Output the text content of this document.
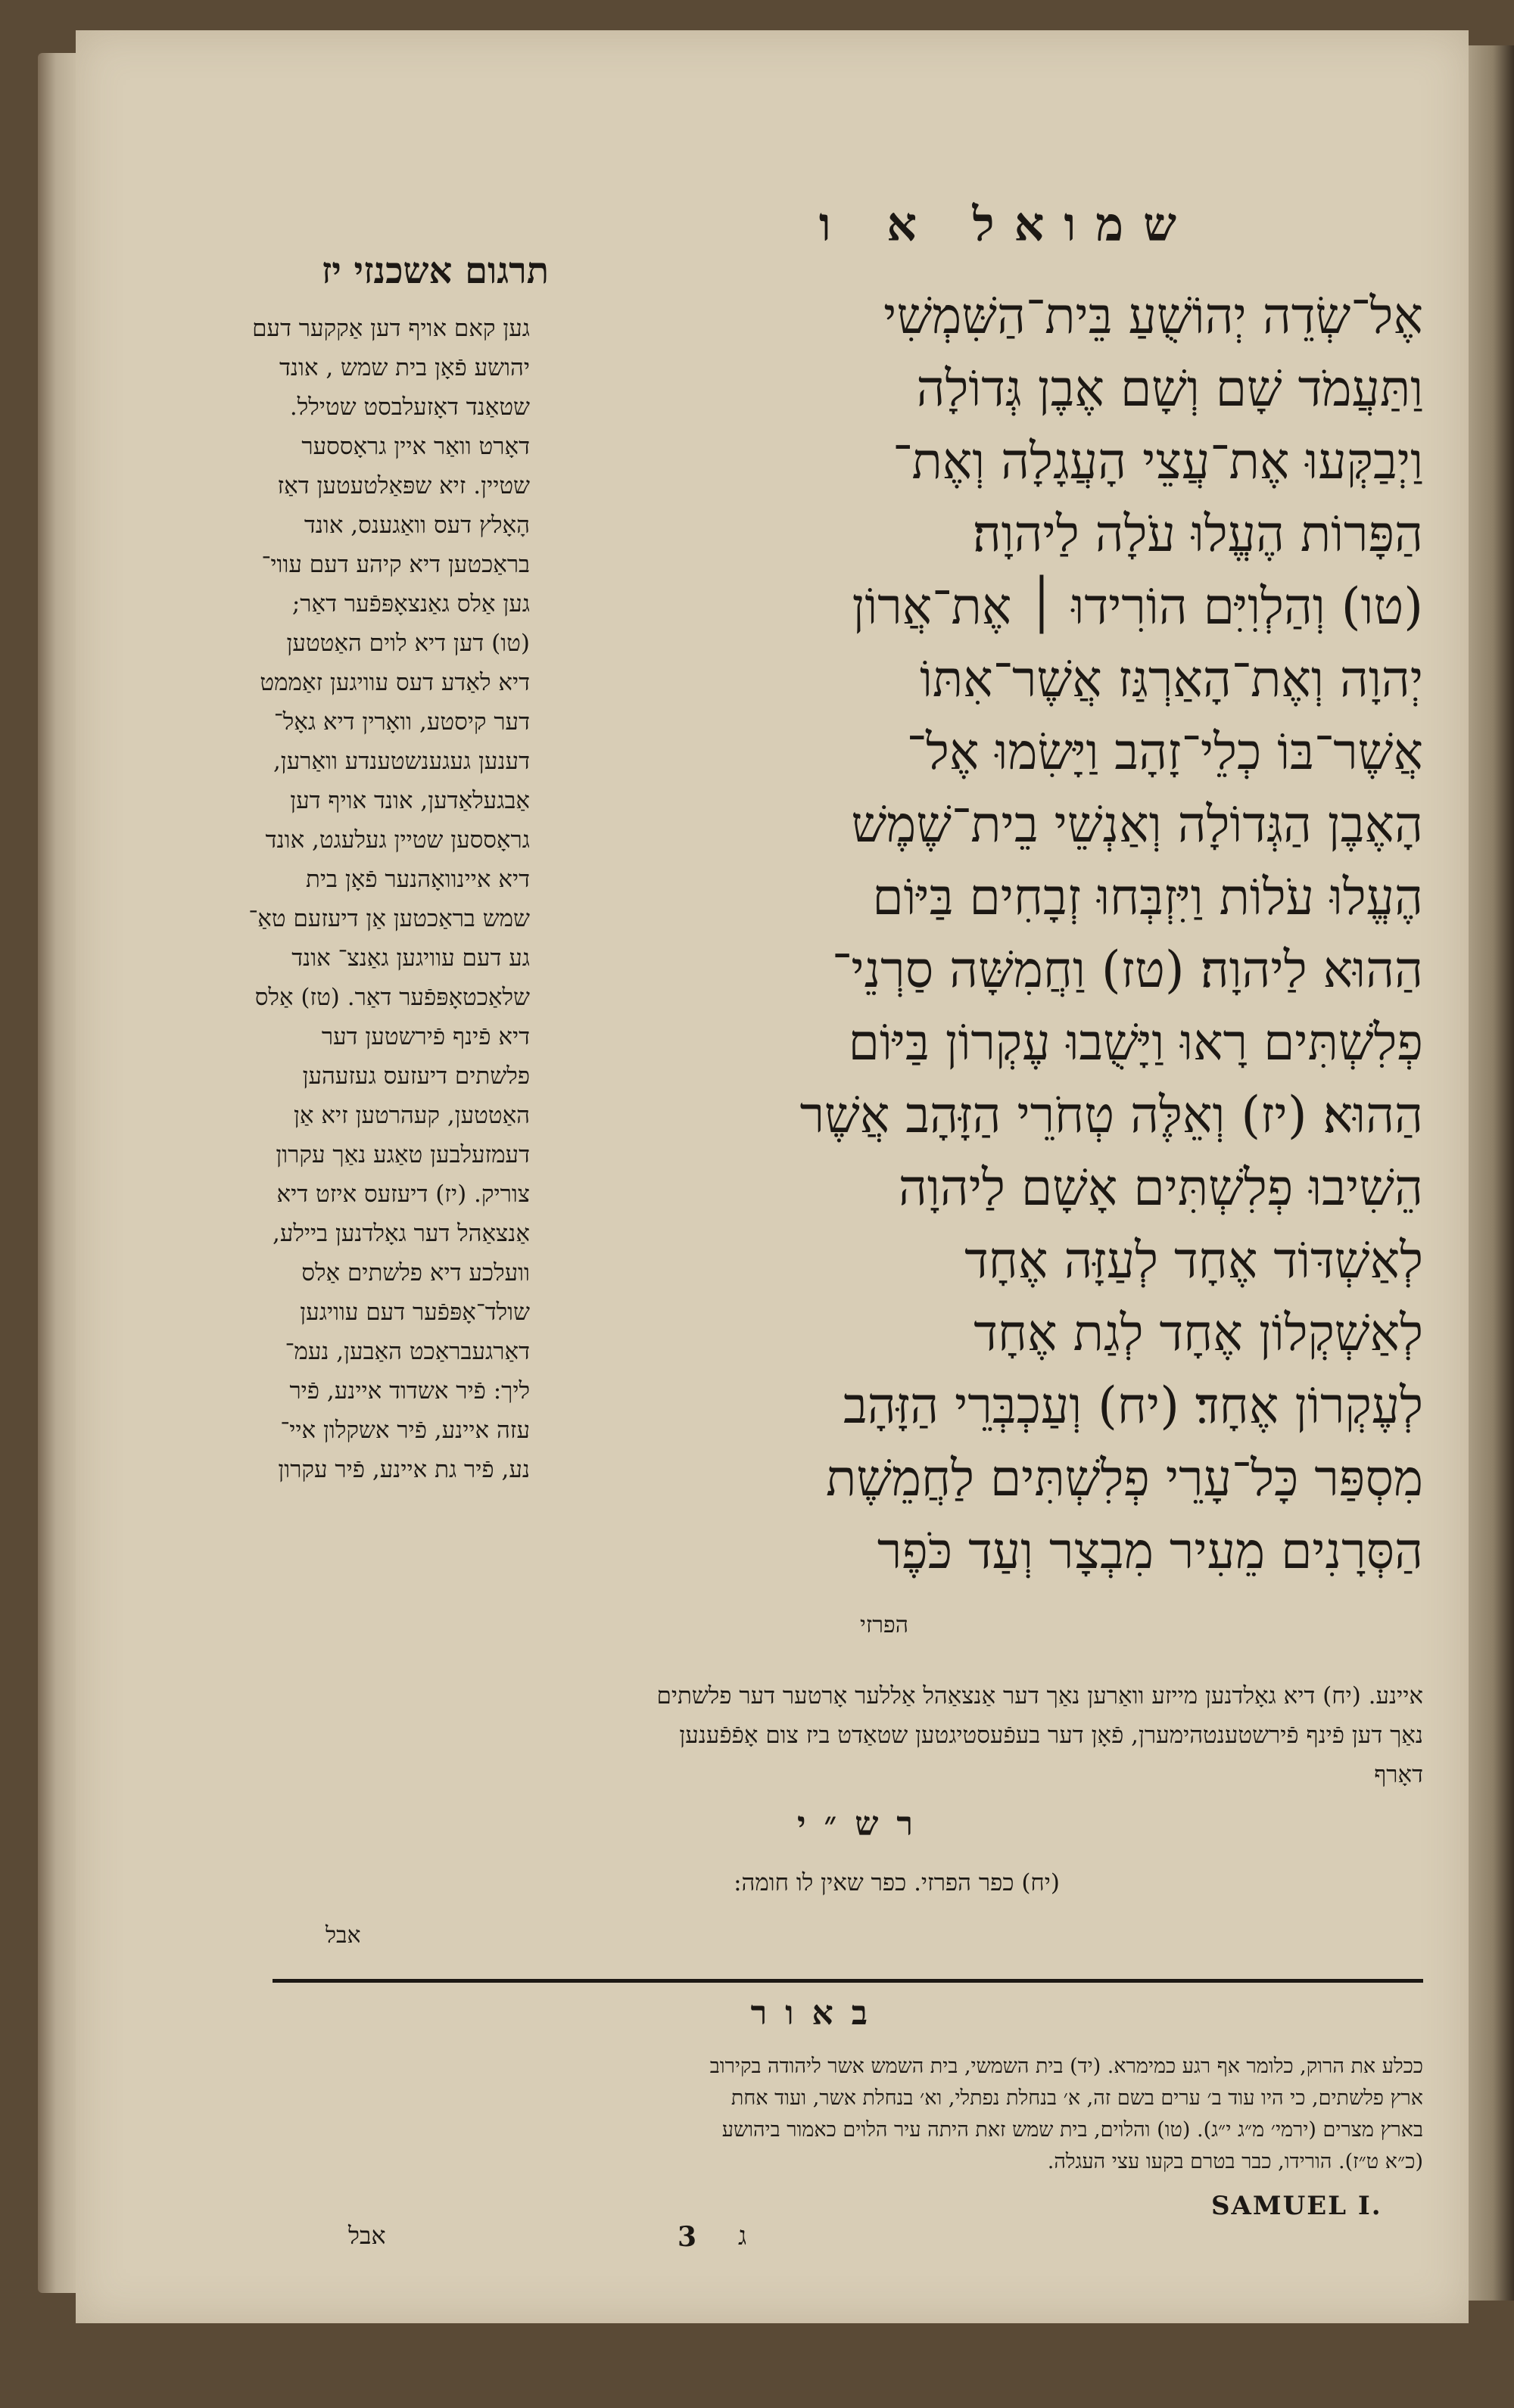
שמואל א ו
תרגום אשכנזי יז
אֶל־שְׂדֵה יְהוֹשֻׁעַ בֵּית־הַשִּׁמְשִׁי
וַתַּעֲמֹד שָׁם וְשָׁם אֶבֶן גְּדוֹלָה
וַיְבַקְּעוּ אֶת־עֲצֵי הָעֲגָלָה וְאֶת־
הַפָּרוֹת הֶעֱלוּ עֹלָה לַיהוָה׃
(טו) וְהַלְוִיִּם הוֹרִידוּ ׀ אֶת־אֲרוֹן
יְהוָה וְאֶת־הָאַרְגַּז אֲשֶׁר־אִתּוֹ
אֲשֶׁר־בּוֹ כְלֵי־זָהָב וַיָּשִׂמוּ אֶל־
הָאֶבֶן הַגְּדוֹלָה וְאַנְשֵׁי בֵית־שֶׁמֶשׁ
הֶעֱלוּ עֹלוֹת וַיִּזְבְּחוּ זְבָחִים בַּיּוֹם
הַהוּא לַיהוָה׃ (טז) וַחֲמִשָּׁה סַרְנֵי־
פְלִשְׁתִּים רָאוּ וַיָּשֻׁבוּ עֶקְרוֹן בַּיּוֹם
הַהוּא׃ (יז) וְאֵלֶּה טְחֹרֵי הַזָּהָב אֲשֶׁר
הֵשִׁיבוּ פְלִשְׁתִּים אָשָׁם לַיהוָה
לְאַשְׁדּוֹד אֶחָד לְעַזָּה אֶחָד
לְאַשְׁקְלוֹן אֶחָד לְגַת אֶחָד
לְעֶקְרוֹן אֶחָד׃ (יח) וְעַכְבְּרֵי הַזָּהָב
מִסְפַּר כָּל־עָרֵי פְלִשְׁתִּים לַחֲמֵשֶׁת
הַסְּרָנִים מֵעִיר מִבְצָר וְעַד כֹּפֶר
הפרזי
גען קאם אויף דען אַקקער דעם
יהושע פֿאָן בית שמש , אונד
שטאַנד דאָזעלבסט שטילל.
דאָרט וואַר איין גראָססער
שטיין. זיא שפּאַלטעטען דאַז
הָאָלץ דעס וואַגענס, אונד
בראַכטען דיא קיהע דעם עווי־
גען אַלס גאַנצאָפּפֿער דאַר;
(טו) דען דיא לוים האַטטען
דיא לאַדע דעס עוויגען זאַממט
דער קיסטע, וואָרין דיא גאָל־
דענען געגענשטענדע וואַרען,
אַבגעלאַדען, אונד אויף דען
גראָססען שטיין געלעגט, אונד
דיא איינוואָהנער פֿאָן בית
שמש בראַכטען אַן דיעזעם טאַ־
גע דעם עוויגען גאַנצ־ אונד
שלאַכטאָפּפֿער דאַר. (טז) אַלס
דיא פֿינף פֿירשטען דער
פלשתים דיעזעס געזעהען
האַטטען, קעהרטען זיא אַן
דעמזעלבען טאַגע נאַך עקרון
צוריק. (יז) דיעזעס איזט דיא
אַנצאַהל דער גאָלדנען ביילע,
וועלכע דיא פלשתים אַלס
שולד־אָפּפֿער דעם עוויגען
דאַרגעבראַכט האַבען, נעמ־
ליך: פֿיר אשדוד איינע, פֿיר
עזה איינע, פֿיר אשקלון איי־
נע, פֿיר גת איינע, פֿיר עקרון
איינע. (יח) דיא גאָלדנען מייזע וואַרען נאַך דער אַנצאַהל אַללער אָרטער דער פלשתים
נאַך דען פֿינף פֿירשטענטהימערן, פֿאָן דער בעפֿעסטיגטען שטאַדט ביז צום אָפֿפֿענען
דאָרף
רש״י
(יח) כפר הפרזי. כפר שאין לו חומה:
אבל
באור
ככלע את הרוק, כלומר אף רגע כמימרא. (יד) בית השמשי, בית השמש אשר ליהודה בקירוב
ארץ פלשתים, כי היו עוד ב׳ ערים בשם זה, א׳ בנחלת נפתלי, וא׳ בנחלת אשר, ועוד אחת
בארץ מצרים (ירמי׳ מ״ג י״ג). (טו) והלוים, בית שמש זאת היתה עיר הלוים כאמור ביהושע
(כ״א ט״ז). הורידו, כבר בטרם בקעו עצי העגלה.
SAMUEL I.
3 ג
אבל
